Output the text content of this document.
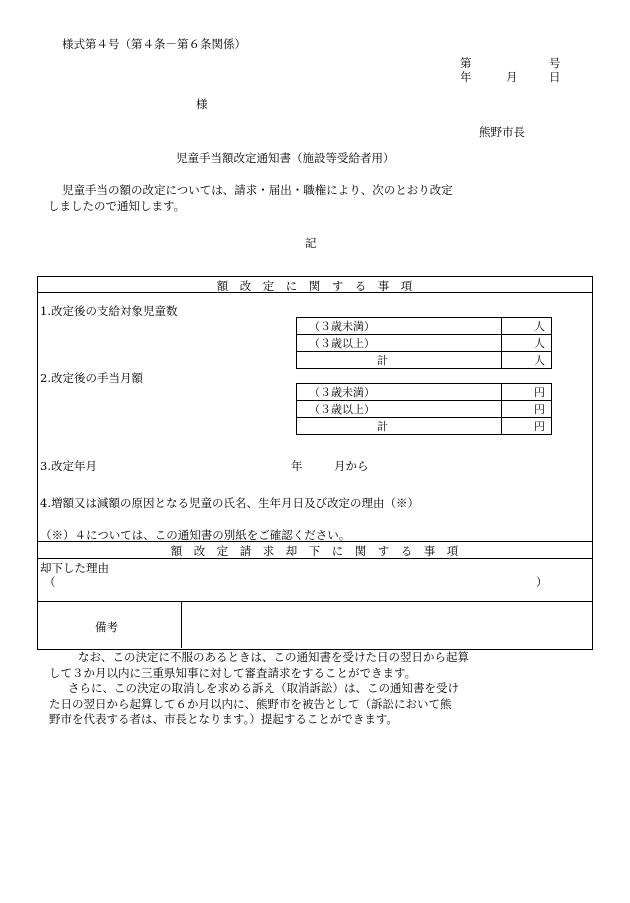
様式第４号（第４条－第６条関係）
第	号
年	月	日
様
熊野市長
児童手当額改定通知書（施設等受給者用）
児童手当の額の改定については、請求・届出・職権により、次のとおり改定
しましたので通知します。
記
額　改　定　に　関　す　る　事　項
1.改定後の支給対象児童数
（３歳未満）	人
（３歳以上）	人
計	人
2.改定後の手当月額
（３歳未満）	円
（３歳以上）	円
計	円
3.改定年月	年	月から
4.増額又は減額の原因となる児童の氏名、生年月日及び改定の理由（※）
（※）４については、この通知書の別紙をご確認ください。
額　改　定　請　求　却　下　に　関　す　る　事　項
却下した理由
（	）
備考
なお、この決定に不服のあるときは、この通知書を受けた日の翌日から起算
して３か月以内に三重県知事に対して審査請求をすることができます。
さらに、この決定の取消しを求める訴え（取消訴訟）は、この通知書を受け
た日の翌日から起算して６か月以内に、熊野市を被告として（訴訟において熊
野市を代表する者は、市長となります。）提起することができます。
